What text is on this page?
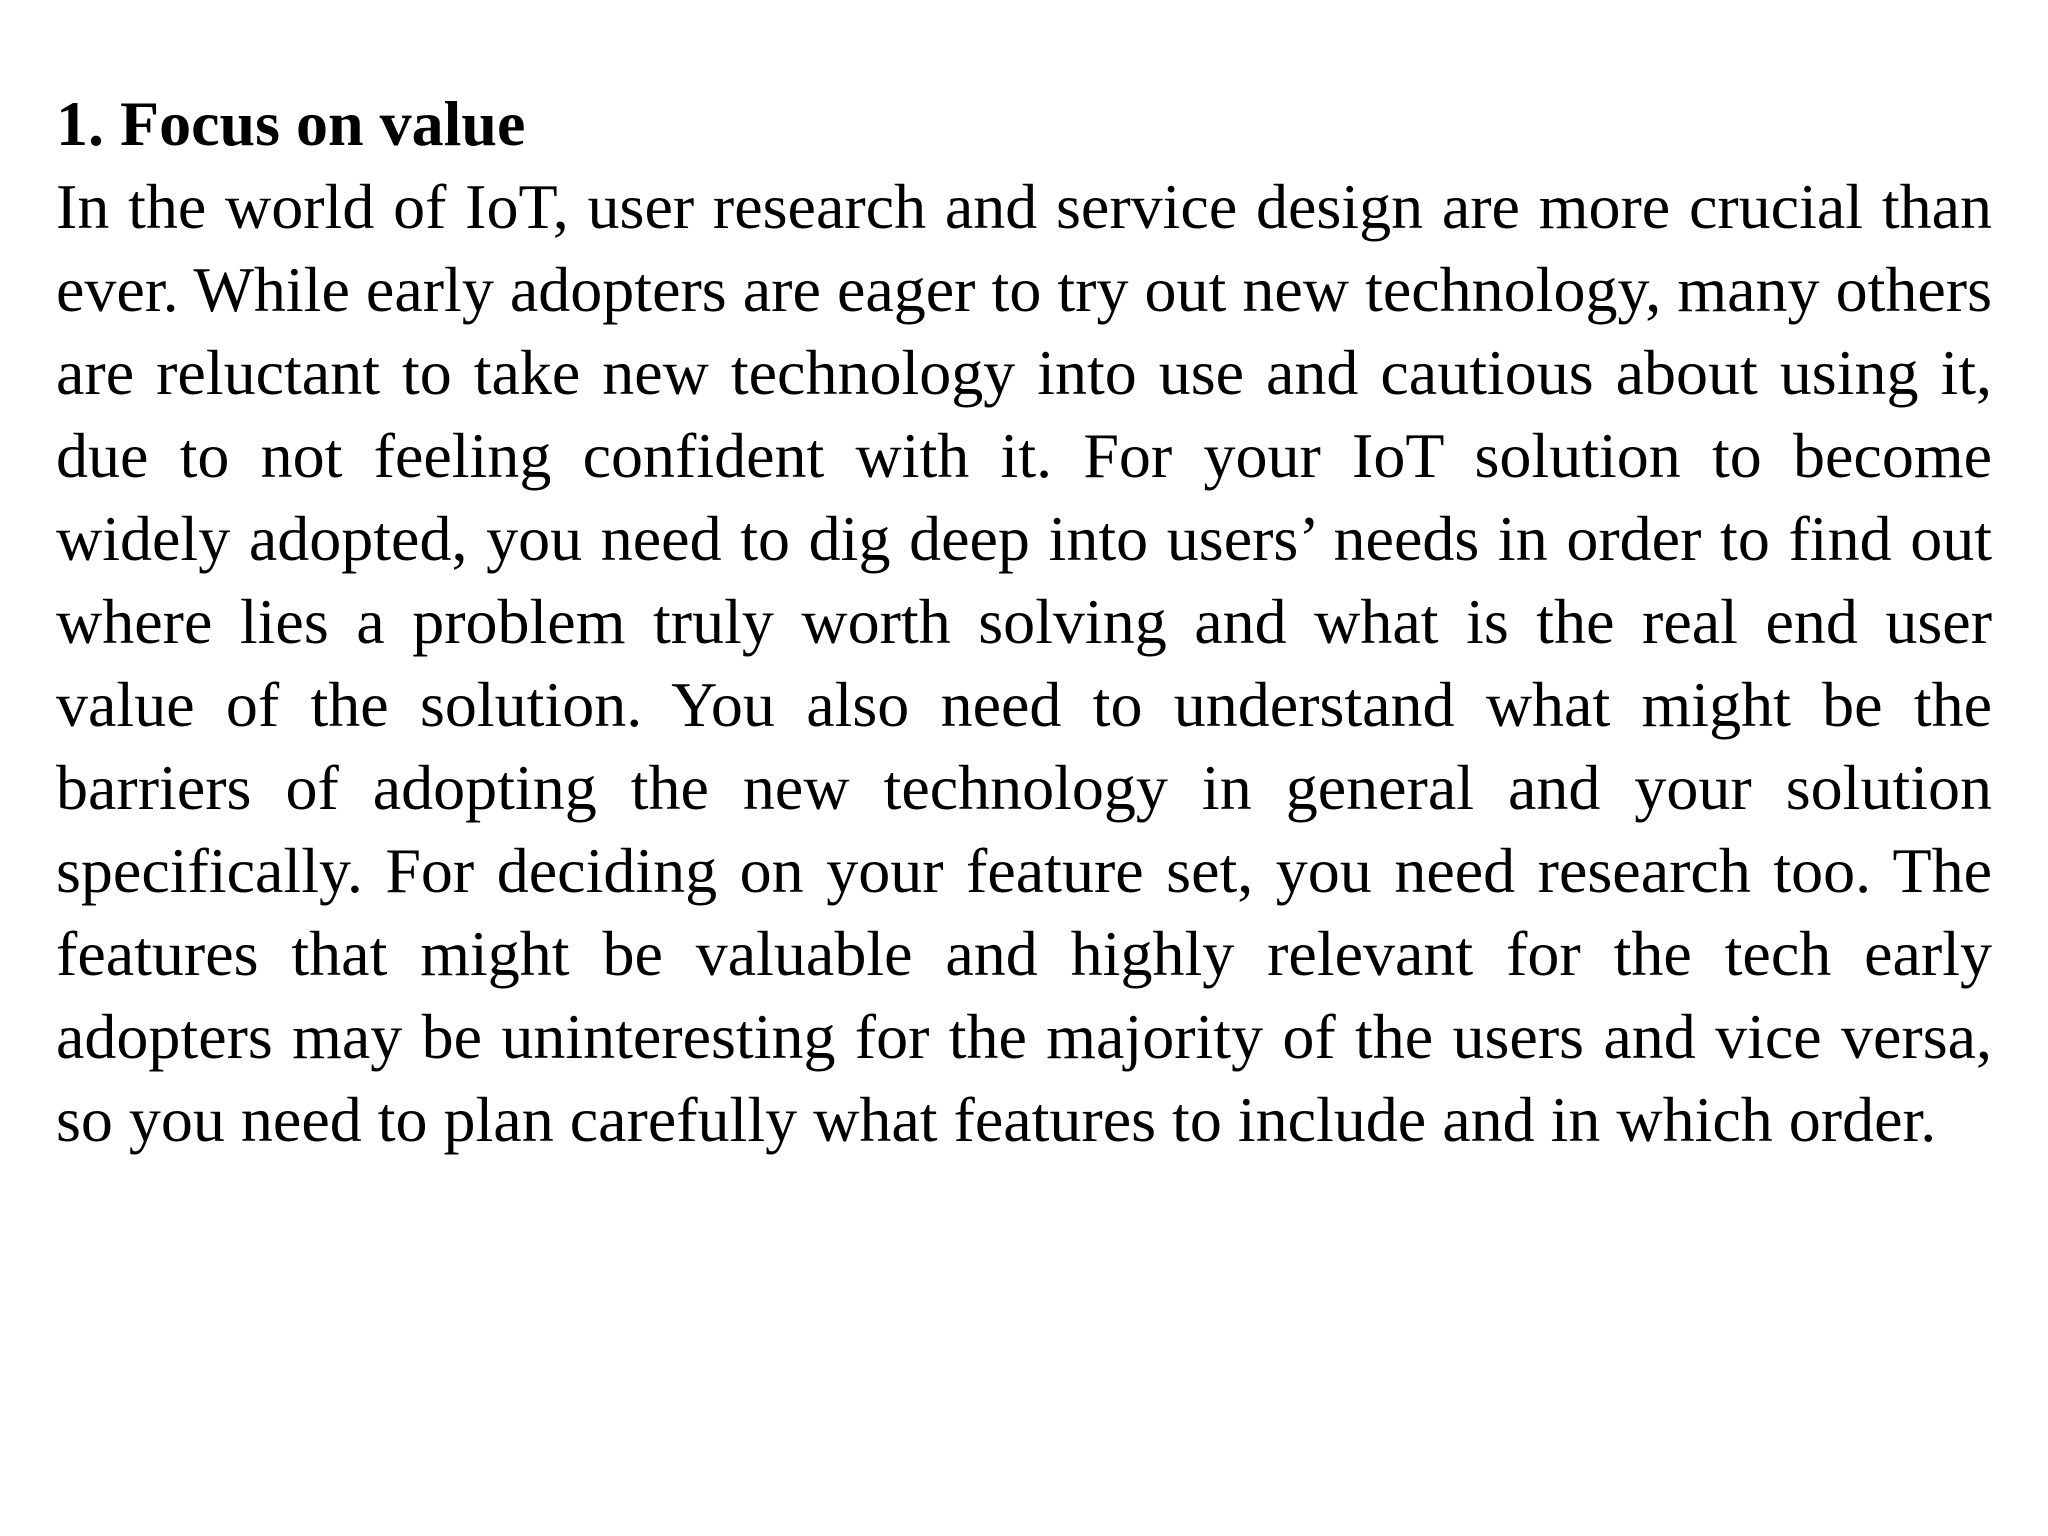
1. Focus on value

In the world of IoT, user research and service design are more crucial than ever. While early adopters are eager to try out new technology, many others are reluctant to take new technology into use and cautious about using it, due to not feeling confident with it. For your IoT solution to become widely adopted, you need to dig deep into users’ needs in order to find out where lies a problem truly worth solving and what is the real end user value of the solution. You also need to understand what might be the barriers of adopting the new technology in general and your solution specifically. For deciding on your feature set, you need research too. The features that might be valuable and highly relevant for the tech early adopters may be uninteresting for the majority of the users and vice versa, so you need to plan carefully what features to include and in which order.
